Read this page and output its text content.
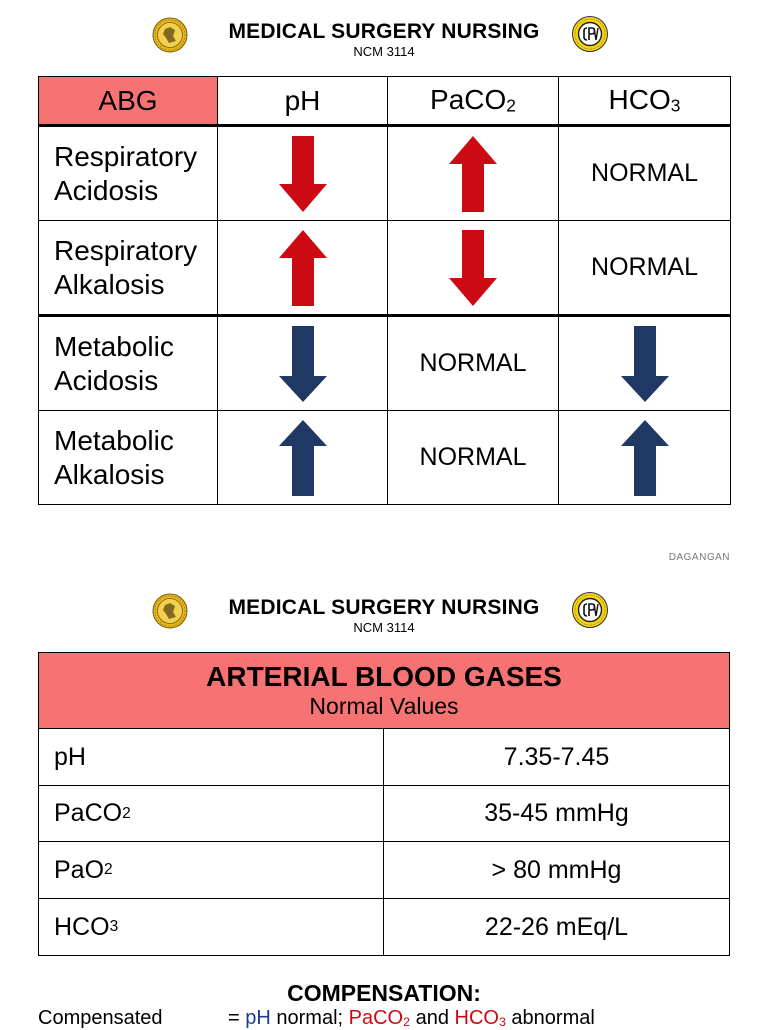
MEDICAL SURGERY NURSING
NCM 3114
ABG	pH	PaCO$_2$	$HCO_3$
Respiratory
Acidosis			NORMAL
Respiratory
Alkalosis			NORMAL
Metabolic
Acidosis		NORMAL	

Metabolic
Alkalosis		NORMAL	
DAGANGAN
MEDICAL SURGERY NURSING
NCM 3114
ARTERIAL BLOOD GASES
Normal Values
pH	7.35-7.45
PaCO 2	35-45 mmHg
PaO 2	> 80 mmHg
HCO 3	22-26 mEq/L
COMPENSATION:
Compensated	= pH normal; PaCO$_2$ and $HCO_3$ abnormal
